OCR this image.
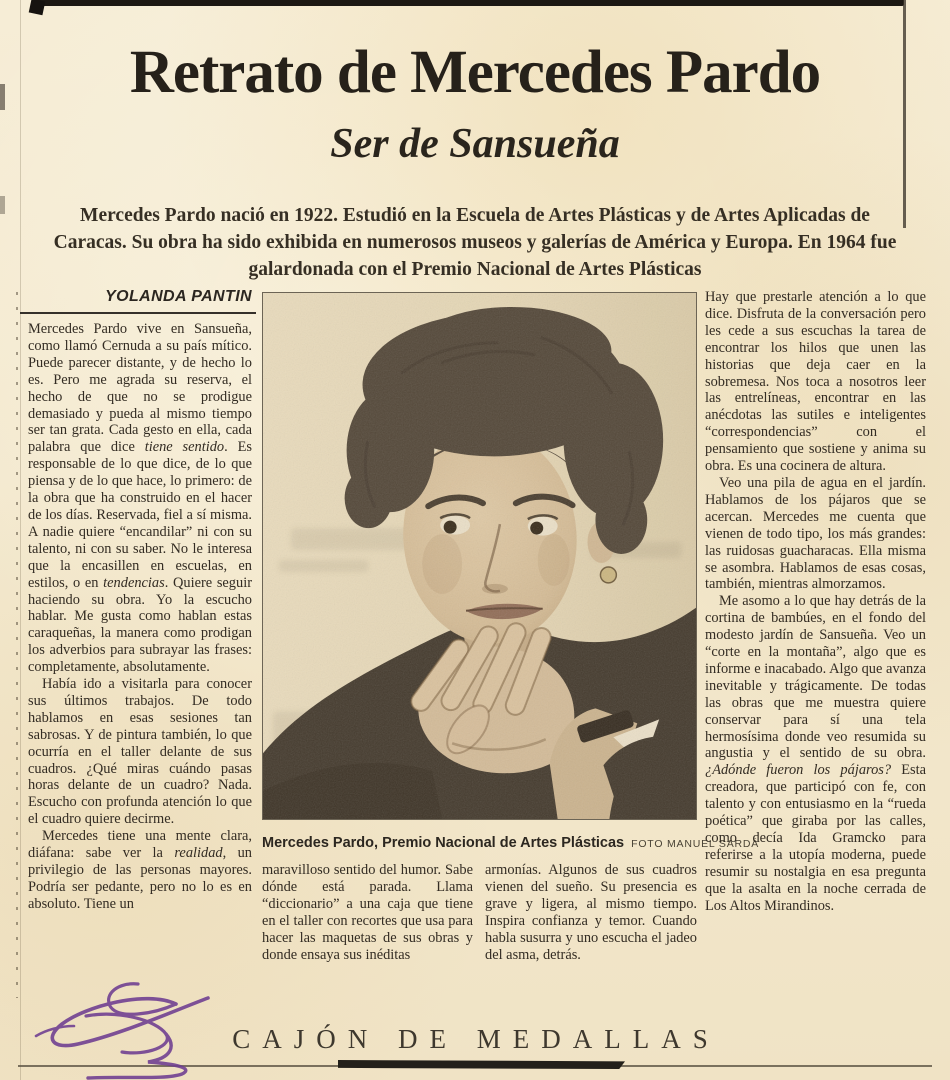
Retrato de Mercedes Pardo
Ser de Sansueña

Mercedes Pardo nació en 1922. Estudió en la Escuela de Artes Plásticas y de Artes Aplicadas de Caracas. Su obra ha sido exhibida en numerosos museos y galerías de América y Europa. En 1964 fue galardonada con el Premio Nacional de Artes Plásticas

YOLANDA PANTIN

Mercedes Pardo vive en Sansueña, como llamó Cernuda a su país mítico. Puede parecer distante, y de hecho lo es. Pero me agrada su reserva, el hecho de que no se prodigue demasiado y pueda al mismo tiempo ser tan grata. Cada gesto en ella, cada palabra que dice tiene sentido. Es responsable de lo que dice, de lo que piensa y de lo que hace, lo primero: de la obra que ha construido en el hacer de los días. Reservada, fiel a sí misma. A nadie quiere “encandilar” ni con su talento, ni con su saber. No le interesa que la encasillen en escuelas, en estilos, o en tendencias. Quiere seguir haciendo su obra. Yo la escucho hablar. Me gusta como hablan estas caraqueñas, la manera como prodigan los adverbios para subrayar las frases: completamente, absolutamente.

Había ido a visitarla para conocer sus últimos trabajos. De todo hablamos en esas sesiones tan sabrosas. Y de pintura también, lo que ocurría en el taller delante de sus cuadros. ¿Qué miras cuándo pasas horas delante de un cuadro? Nada. Escucho con profunda atención lo que el cuadro quiere decirme.

Mercedes tiene una mente clara, diáfana: sabe ver la realidad, un privilegio de las personas mayores. Podría ser pedante, pero no lo es en absoluto. Tiene un

Mercedes Pardo, Premio Nacional de Artes Plásticas FOTO MANUEL SARDÁ

maravilloso sentido del humor. Sabe dónde está parada. Llama “diccionario” a una caja que tiene en el taller con recortes que usa para hacer las maquetas de sus obras y donde ensaya sus inéditas

armonías. Algunos de sus cuadros vienen del sueño. Su presencia es grave y ligera, al mismo tiempo. Inspira confianza y temor. Cuando habla susurra y uno escucha el jadeo del asma, detrás.

Hay que prestarle atención a lo que dice. Disfruta de la conversación pero les cede a sus escuchas la tarea de encontrar los hilos que unen las historias que deja caer en la sobremesa. Nos toca a nosotros leer las entrelíneas, encontrar en las anécdotas las sutiles e inteligentes “correspondencias” con el pensamiento que sostiene y anima su obra. Es una cocinera de altura.

Veo una pila de agua en el jardín. Hablamos de los pájaros que se acercan. Mercedes me cuenta que vienen de todo tipo, los más grandes: las ruidosas guacharacas. Ella misma se asombra. Hablamos de esas cosas, también, mientras almorzamos.

Me asomo a lo que hay detrás de la cortina de bambúes, en el fondo del modesto jardín de Sansueña. Veo un “corte en la montaña”, algo que es informe e inacabado. Algo que avanza inevitable y trágicamente. De todas las obras que me muestra quiere conservar para sí una tela hermosísima donde veo resumida su angustia y el sentido de su obra. ¿Adónde fueron los pájaros? Esta creadora, que participó con fe, con talento y con entusiasmo en la “rueda poética” que giraba por las calles, como decía Ida Gramcko para referirse a la utopía moderna, puede resumir su nostalgia en esa pregunta que la asalta en la noche cerrada de Los Altos Mirandinos.

CAJÓN DE MEDALLAS
